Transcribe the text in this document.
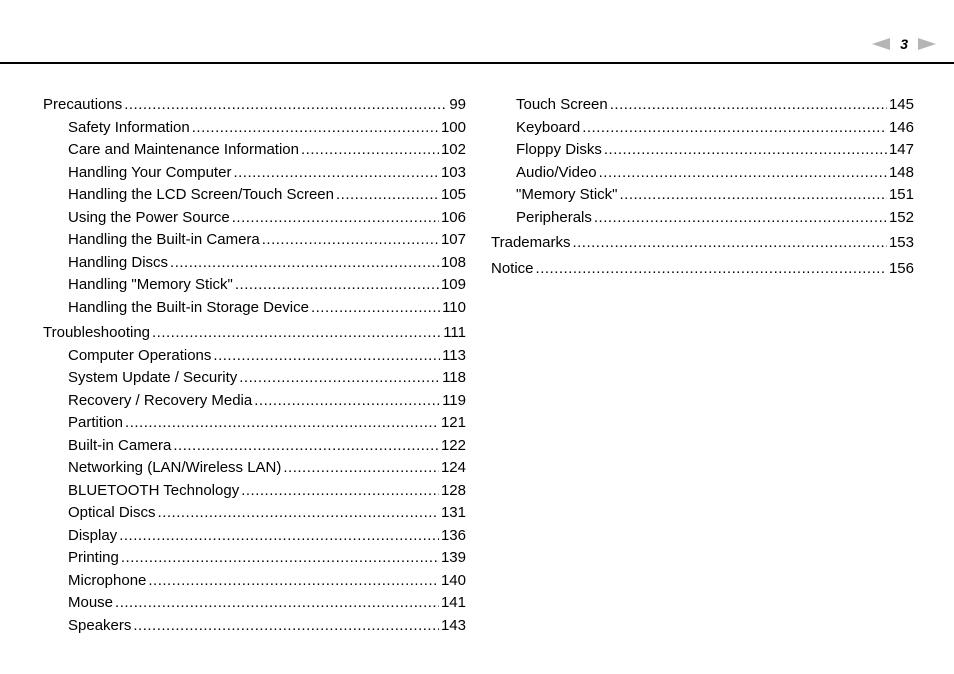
3
Precautions .....	99
Safety Information .....	100
Care and Maintenance Information .....	102
Handling Your Computer .....	103
Handling the LCD Screen/Touch Screen .....	105
Using the Power Source .....	106
Handling the Built-in Camera .....	107
Handling Discs .....	108
Handling "Memory Stick" .....	109
Handling the Built-in Storage Device .....	110
Troubleshooting .....	111
Computer Operations .....	113
System Update / Security .....	118
Recovery / Recovery Media .....	119
Partition .....	121
Built-in Camera .....	122
Networking (LAN/Wireless LAN) .....	124
BLUETOOTH Technology .....	128
Optical Discs .....	131
Display .....	136
Printing .....	139
Microphone .....	140
Mouse .....	141
Speakers .....	143
Touch Screen .....	145
Keyboard .....	146
Floppy Disks .....	147
Audio/Video .....	148
"Memory Stick" .....	151
Peripherals .....	152
Trademarks .....	153
Notice .....	156
